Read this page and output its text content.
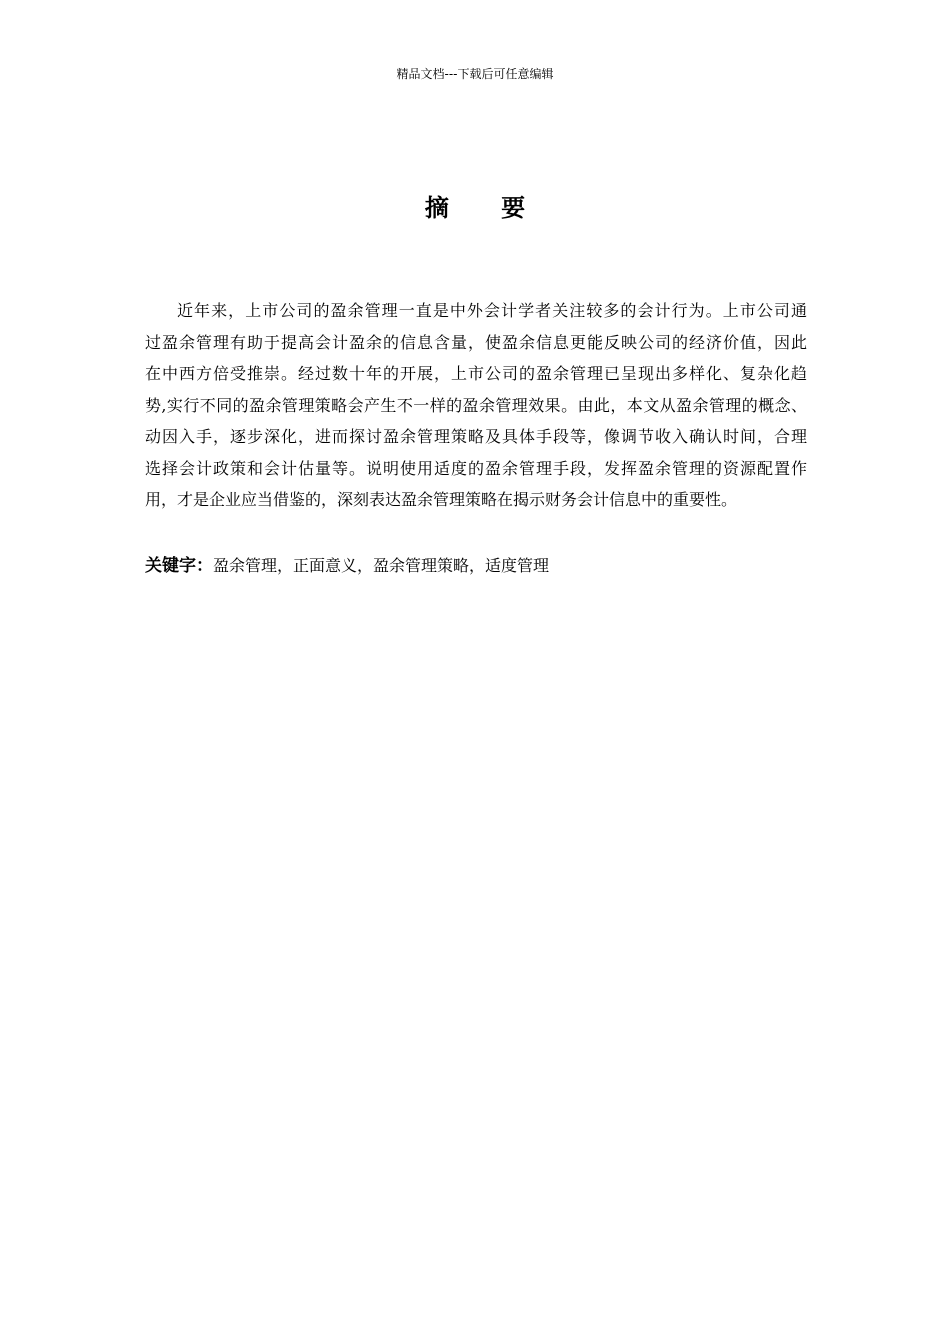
精品文档---下载后可任意编辑
摘 要
近年来，上市公司的盈余管理一直是中外会计学者关注较多的会计行为。上市公司通
过盈余管理有助于提高会计盈余的信息含量，使盈余信息更能反映公司的经济价值，因此
在中西方倍受推崇。经过数十年的开展，上市公司的盈余管理已呈现出多样化、复杂化趋
势,实行不同的盈余管理策略会产生不一样的盈余管理效果。由此，本文从盈余管理的概念、
动因入手，逐步深化，进而探讨盈余管理策略及具体手段等，像调节收入确认时间，合理
选择会计政策和会计估量等。说明使用适度的盈余管理手段，发挥盈余管理的资源配置作
用，才是企业应当借鉴的，深刻表达盈余管理策略在揭示财务会计信息中的重要性。
关键字：盈余管理，正面意义，盈余管理策略，适度管理
